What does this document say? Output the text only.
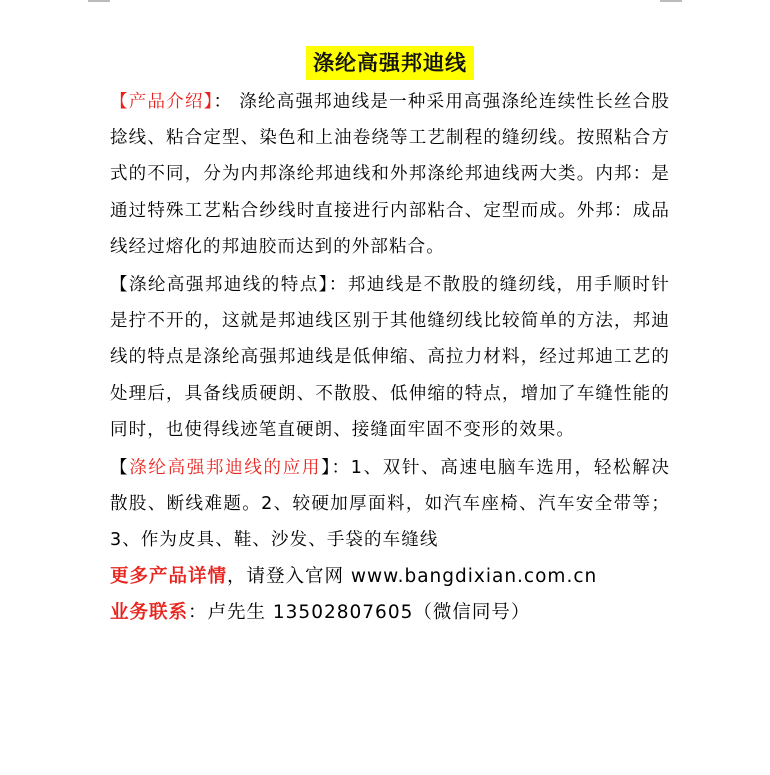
涤纶高强邦迪线
【产品介绍】： 涤纶高强邦迪线是一种采用高强涤纶连续性长丝合股捻线、粘合定型、染色和上油卷绕等工艺制程的缝纫线。按照粘合方式的不同，分为内邦涤纶邦迪线和外邦涤纶邦迪线两大类。内邦：是通过特殊工艺粘合纱线时直接进行内部粘合、定型而成。外邦：成品线经过熔化的邦迪胶而达到的外部粘合。
【涤纶高强邦迪线的特点】：邦迪线是不散股的缝纫线，用手顺时针是拧不开的，这就是邦迪线区别于其他缝纫线比较简单的方法，邦迪线的特点是涤纶高强邦迪线是低伸缩、高拉力材料，经过邦迪工艺的处理后，具备线质硬朗、不散股、低伸缩的特点，增加了车缝性能的同时，也使得线迹笔直硬朗、接缝面牢固不变形的效果。
【涤纶高强邦迪线的应用】：1、双针、高速电脑车选用，轻松解决散股、断线难题。2、较硬加厚面料，如汽车座椅、汽车安全带等；3、作为皮具、鞋、沙发、手袋的车缝线
更多产品详情，请登入官网 www.bangdixian.com.cn
业务联系：卢先生 13502807605（微信同号）
